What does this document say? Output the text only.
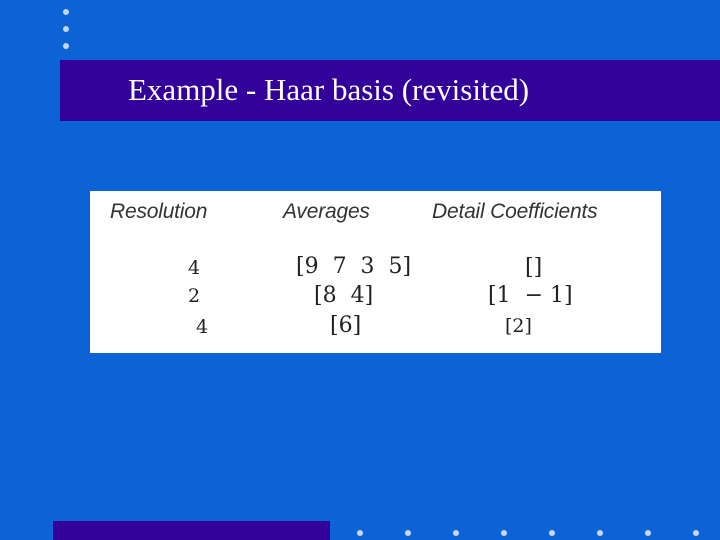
Example - Haar basis (revisited)
Resolution	Averages	Detail Coefficients
4	[9  7  3  5]	[]
2	[8  4]	[1  − 1]
4	[6]	[2]
